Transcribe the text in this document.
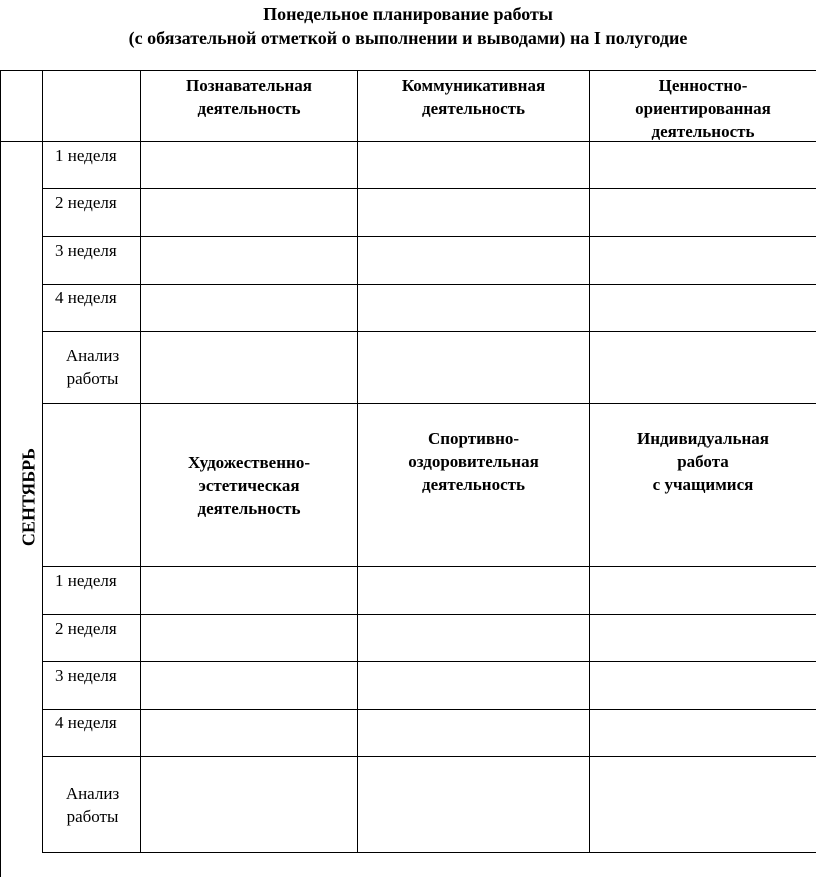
Понедельное планирование работы
(с обязательной отметкой о выполнении и выводами) на I полугодие
СЕНТЯБРЬ
Познавательная
деятельность
Коммуникативная
деятельность
Ценностно-
ориентированная
деятельность
1 неделя
2 неделя
3 неделя
4 неделя
Анализ
работы
Художественно-
эстетическая
деятельность
Спортивно-
оздоровительная
деятельность
Индивидуальная
работа
с учащимися
1 неделя
2 неделя
3 неделя
4 неделя
Анализ
работы
